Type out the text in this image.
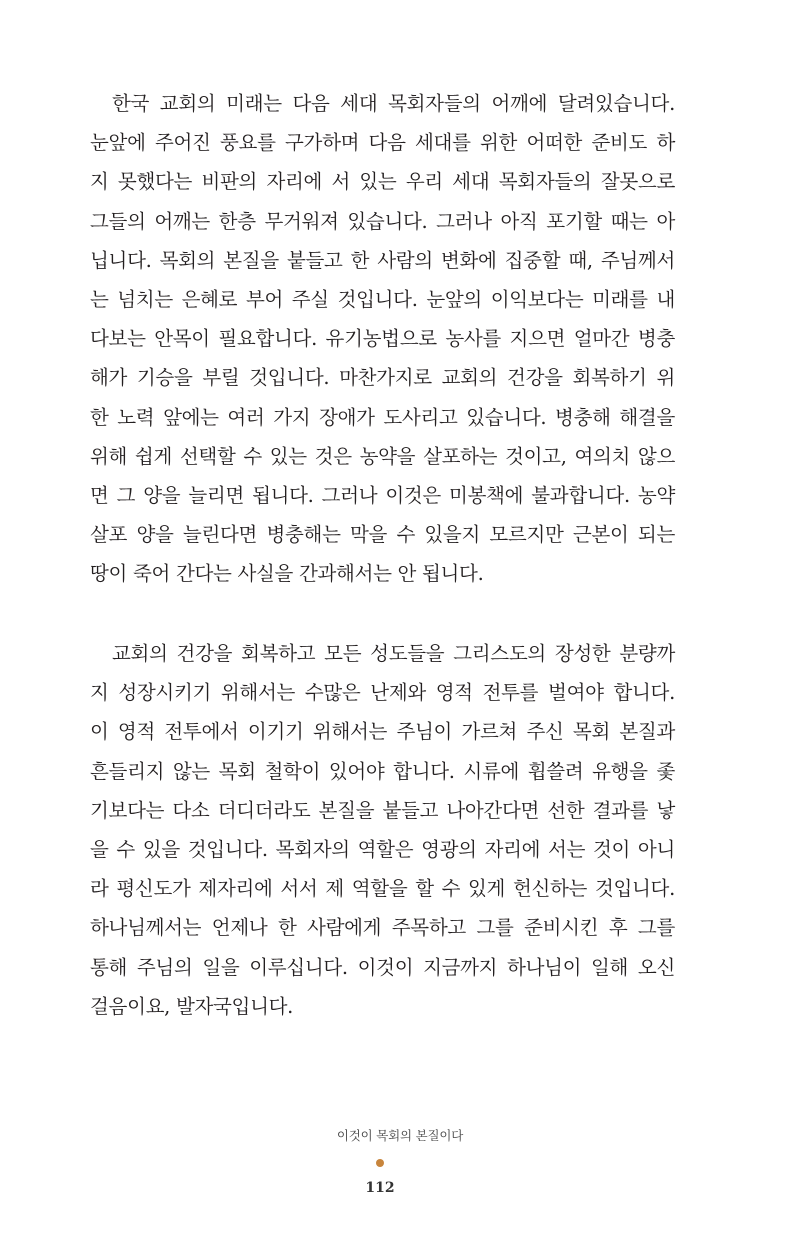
한국 교회의 미래는 다음 세대 목회자들의 어깨에 달려있습니다.
눈앞에 주어진 풍요를 구가하며 다음 세대를 위한 어떠한 준비도 하
지 못했다는 비판의 자리에 서 있는 우리 세대 목회자들의 잘못으로
그들의 어깨는 한층 무거워져 있습니다. 그러나 아직 포기할 때는 아
닙니다. 목회의 본질을 붙들고 한 사람의 변화에 집중할 때, 주님께서
는 넘치는 은혜로 부어 주실 것입니다. 눈앞의 이익보다는 미래를 내
다보는 안목이 필요합니다. 유기농법으로 농사를 지으면 얼마간 병충
해가 기승을 부릴 것입니다. 마찬가지로 교회의 건강을 회복하기 위
한 노력 앞에는 여러 가지 장애가 도사리고 있습니다. 병충해 해결을
위해 쉽게 선택할 수 있는 것은 농약을 살포하는 것이고, 여의치 않으
면 그 양을 늘리면 됩니다. 그러나 이것은 미봉책에 불과합니다. 농약
살포 양을 늘린다면 병충해는 막을 수 있을지 모르지만 근본이 되는
땅이 죽어 간다는 사실을 간과해서는 안 됩니다.
교회의 건강을 회복하고 모든 성도들을 그리스도의 장성한 분량까
지 성장시키기 위해서는 수많은 난제와 영적 전투를 벌여야 합니다.
이 영적 전투에서 이기기 위해서는 주님이 가르쳐 주신 목회 본질과
흔들리지 않는 목회 철학이 있어야 합니다. 시류에 휩쓸려 유행을 좇
기보다는 다소 더디더라도 본질을 붙들고 나아간다면 선한 결과를 낳
을 수 있을 것입니다. 목회자의 역할은 영광의 자리에 서는 것이 아니
라 평신도가 제자리에 서서 제 역할을 할 수 있게 헌신하는 것입니다.
하나님께서는 언제나 한 사람에게 주목하고 그를 준비시킨 후 그를
통해 주님의 일을 이루십니다. 이것이 지금까지 하나님이 일해 오신
걸음이요, 발자국입니다.
이것이 목회의 본질이다
112
